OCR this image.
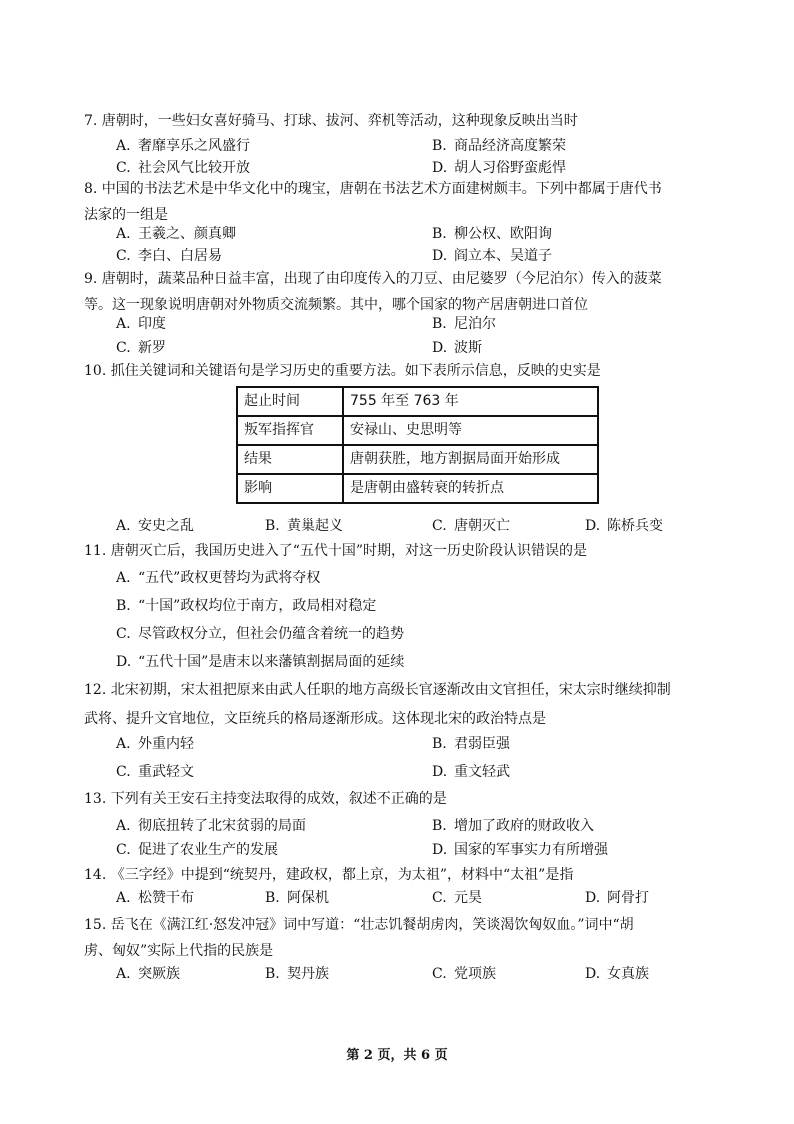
7. 唐朝时，一些妇女喜好骑马、打球、拔河、弈机等活动，这种现象反映出当时
A. 奢靡享乐之风盛行	B. 商品经济高度繁荣
C. 社会风气比较开放	D. 胡人习俗野蛮彪悍
8. 中国的书法艺术是中华文化中的瑰宝，唐朝在书法艺术方面建树颇丰。下列中都属于唐代书
法家的一组是
A. 王羲之、颜真卿	B. 柳公权、欧阳询
C. 李白、白居易	D. 阎立本、吴道子
9. 唐朝时，蔬菜品种日益丰富，出现了由印度传入的刀豆、由尼婆罗（今尼泊尔）传入的菠菜
等。这一现象说明唐朝对外物质交流频繁。其中，哪个国家的物产居唐朝进口首位
A. 印度	B. 尼泊尔
C. 新罗	D. 波斯
10. 抓住关键词和关键语句是学习历史的重要方法。如下表所示信息，反映的史实是
起止时间	755 年至 763 年
叛军指挥官	安禄山、史思明等
结果	唐朝获胜，地方割据局面开始形成
影响	是唐朝由盛转衰的转折点
A. 安史之乱	B. 黄巢起义	C. 唐朝灭亡	D. 陈桥兵变
11. 唐朝灭亡后，我国历史进入了“五代十国”时期，对这一历史阶段认识错误的是
A. “五代”政权更替均为武将夺权
B. “十国”政权均位于南方，政局相对稳定
C. 尽管政权分立，但社会仍蕴含着统一的趋势
D. “五代十国”是唐末以来藩镇割据局面的延续
12. 北宋初期，宋太祖把原来由武人任职的地方高级长官逐渐改由文官担任，宋太宗时继续抑制
武将、提升文官地位，文臣统兵的格局逐渐形成。这体现北宋的政治特点是
A. 外重内轻	B. 君弱臣强
C. 重武轻文	D. 重文轻武
13. 下列有关王安石主持变法取得的成效，叙述不正确的是
A. 彻底扭转了北宋贫弱的局面	B. 增加了政府的财政收入
C. 促进了农业生产的发展	D. 国家的军事实力有所增强
14. 《三字经》中提到“统契丹，建政权，都上京，为太祖”，材料中“太祖”是指
A. 松赞干布	B. 阿保机	C. 元昊	D. 阿骨打
15. 岳飞在《满江红·怒发冲冠》词中写道：“壮志饥餐胡虏肉，笑谈渴饮匈奴血。”词中“胡
虏、匈奴”实际上代指的民族是
A. 突厥族	B. 契丹族	C. 党项族	D. 女真族
第 2 页，共 6 页
